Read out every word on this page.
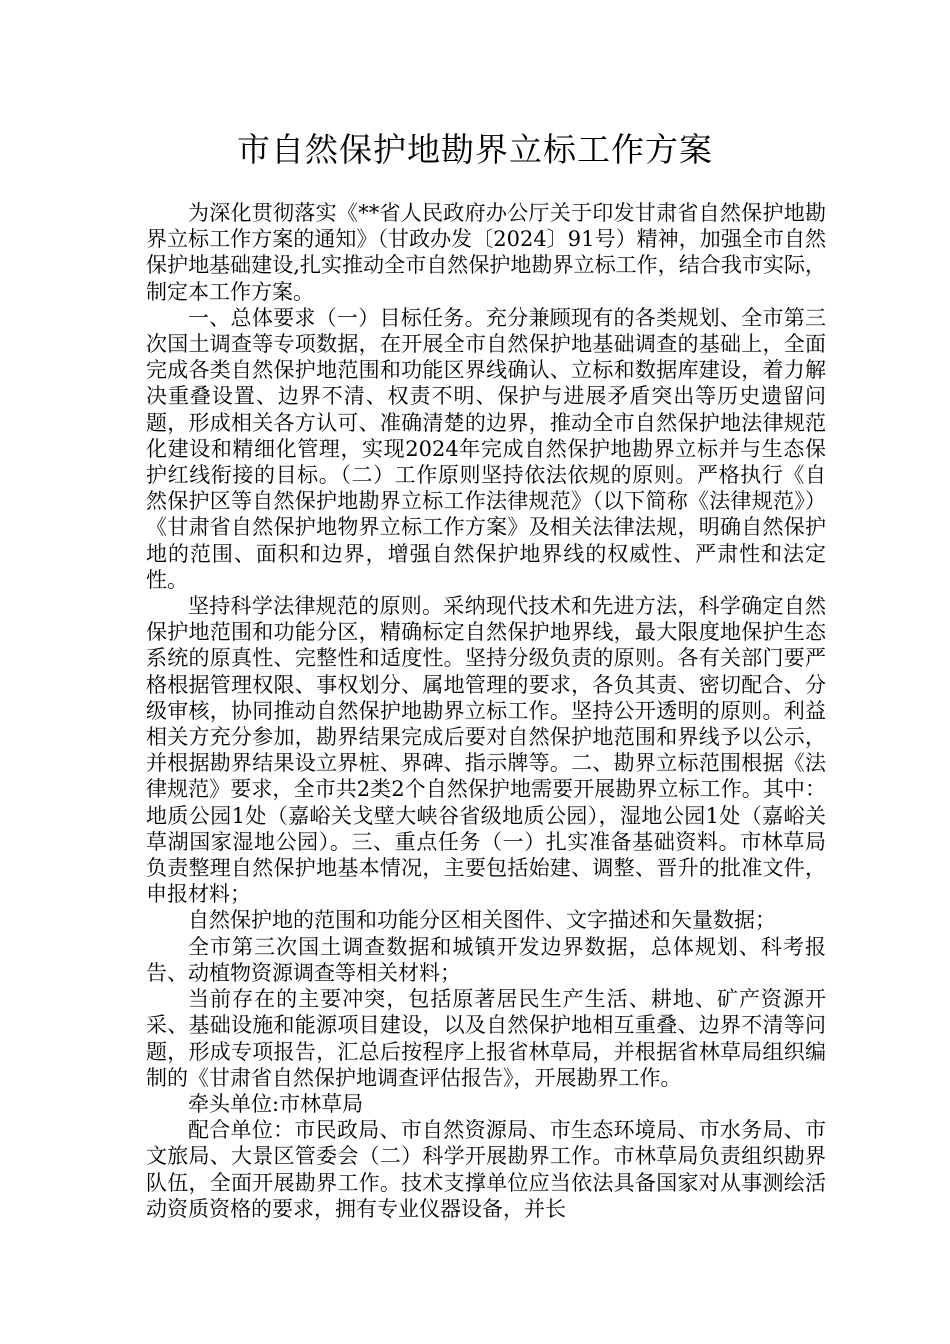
市自然保护地勘界立标工作方案

为深化贯彻落实《**省人民政府办公厅关于印发甘肃省自然保护地勘界立标工作方案的通知》（甘政办发〔2024〕91号）精神，加强全市自然保护地基础建设,扎实推动全市自然保护地勘界立标工作，结合我市实际，制定本工作方案。

一、总体要求（一）目标任务。充分兼顾现有的各类规划、全市第三次国土调查等专项数据，在开展全市自然保护地基础调查的基础上，全面完成各类自然保护地范围和功能区界线确认、立标和数据库建设，着力解决重叠设置、边界不清、权责不明、保护与进展矛盾突出等历史遗留问题，形成相关各方认可、准确清楚的边界，推动全市自然保护地法律规范化建设和精细化管理，实现2024年完成自然保护地勘界立标并与生态保护红线衔接的目标。（二）工作原则坚持依法依规的原则。严格执行《自然保护区等自然保护地勘界立标工作法律规范》（以下简称《法律规范》）《甘肃省自然保护地物界立标工作方案》及相关法律法规，明确自然保护地的范围、面积和边界，增强自然保护地界线的权威性、严肃性和法定性。

坚持科学法律规范的原则。采纳现代技术和先进方法，科学确定自然保护地范围和功能分区，精确标定自然保护地界线，最大限度地保护生态系统的原真性、完整性和适度性。坚持分级负责的原则。各有关部门要严格根据管理权限、事权划分、属地管理的要求，各负其责、密切配合、分级审核，协同推动自然保护地勘界立标工作。坚持公开透明的原则。利益相关方充分参加，勘界结果完成后要对自然保护地范围和界线予以公示，并根据勘界结果设立界桩、界碑、指示牌等。二、勘界立标范围根据《法律规范》要求，全市共2类2个自然保护地需要开展勘界立标工作。其中：地质公园1处（嘉峪关戈壁大峡谷省级地质公园），湿地公园1处（嘉峪关草湖国家湿地公园）。三、重点任务（一）扎实准备基础资料。市林草局负责整理自然保护地基本情况，主要包括始建、调整、晋升的批准文件，申报材料；

自然保护地的范围和功能分区相关图件、文字描述和矢量数据；

全市第三次国土调查数据和城镇开发边界数据，总体规划、科考报告、动植物资源调查等相关材料；

当前存在的主要冲突，包括原著居民生产生活、耕地、矿产资源开采、基础设施和能源项目建设，以及自然保护地相互重叠、边界不清等问题，形成专项报告，汇总后按程序上报省林草局，并根据省林草局组织编制的《甘肃省自然保护地调查评估报告》，开展勘界工作。

牵头单位:市林草局

配合单位：市民政局、市自然资源局、市生态环境局、市水务局、市文旅局、大景区管委会（二）科学开展勘界工作。市林草局负责组织勘界队伍，全面开展勘界工作。技术支撑单位应当依法具备国家对从事测绘活动资质资格的要求，拥有专业仪器设备，并长
